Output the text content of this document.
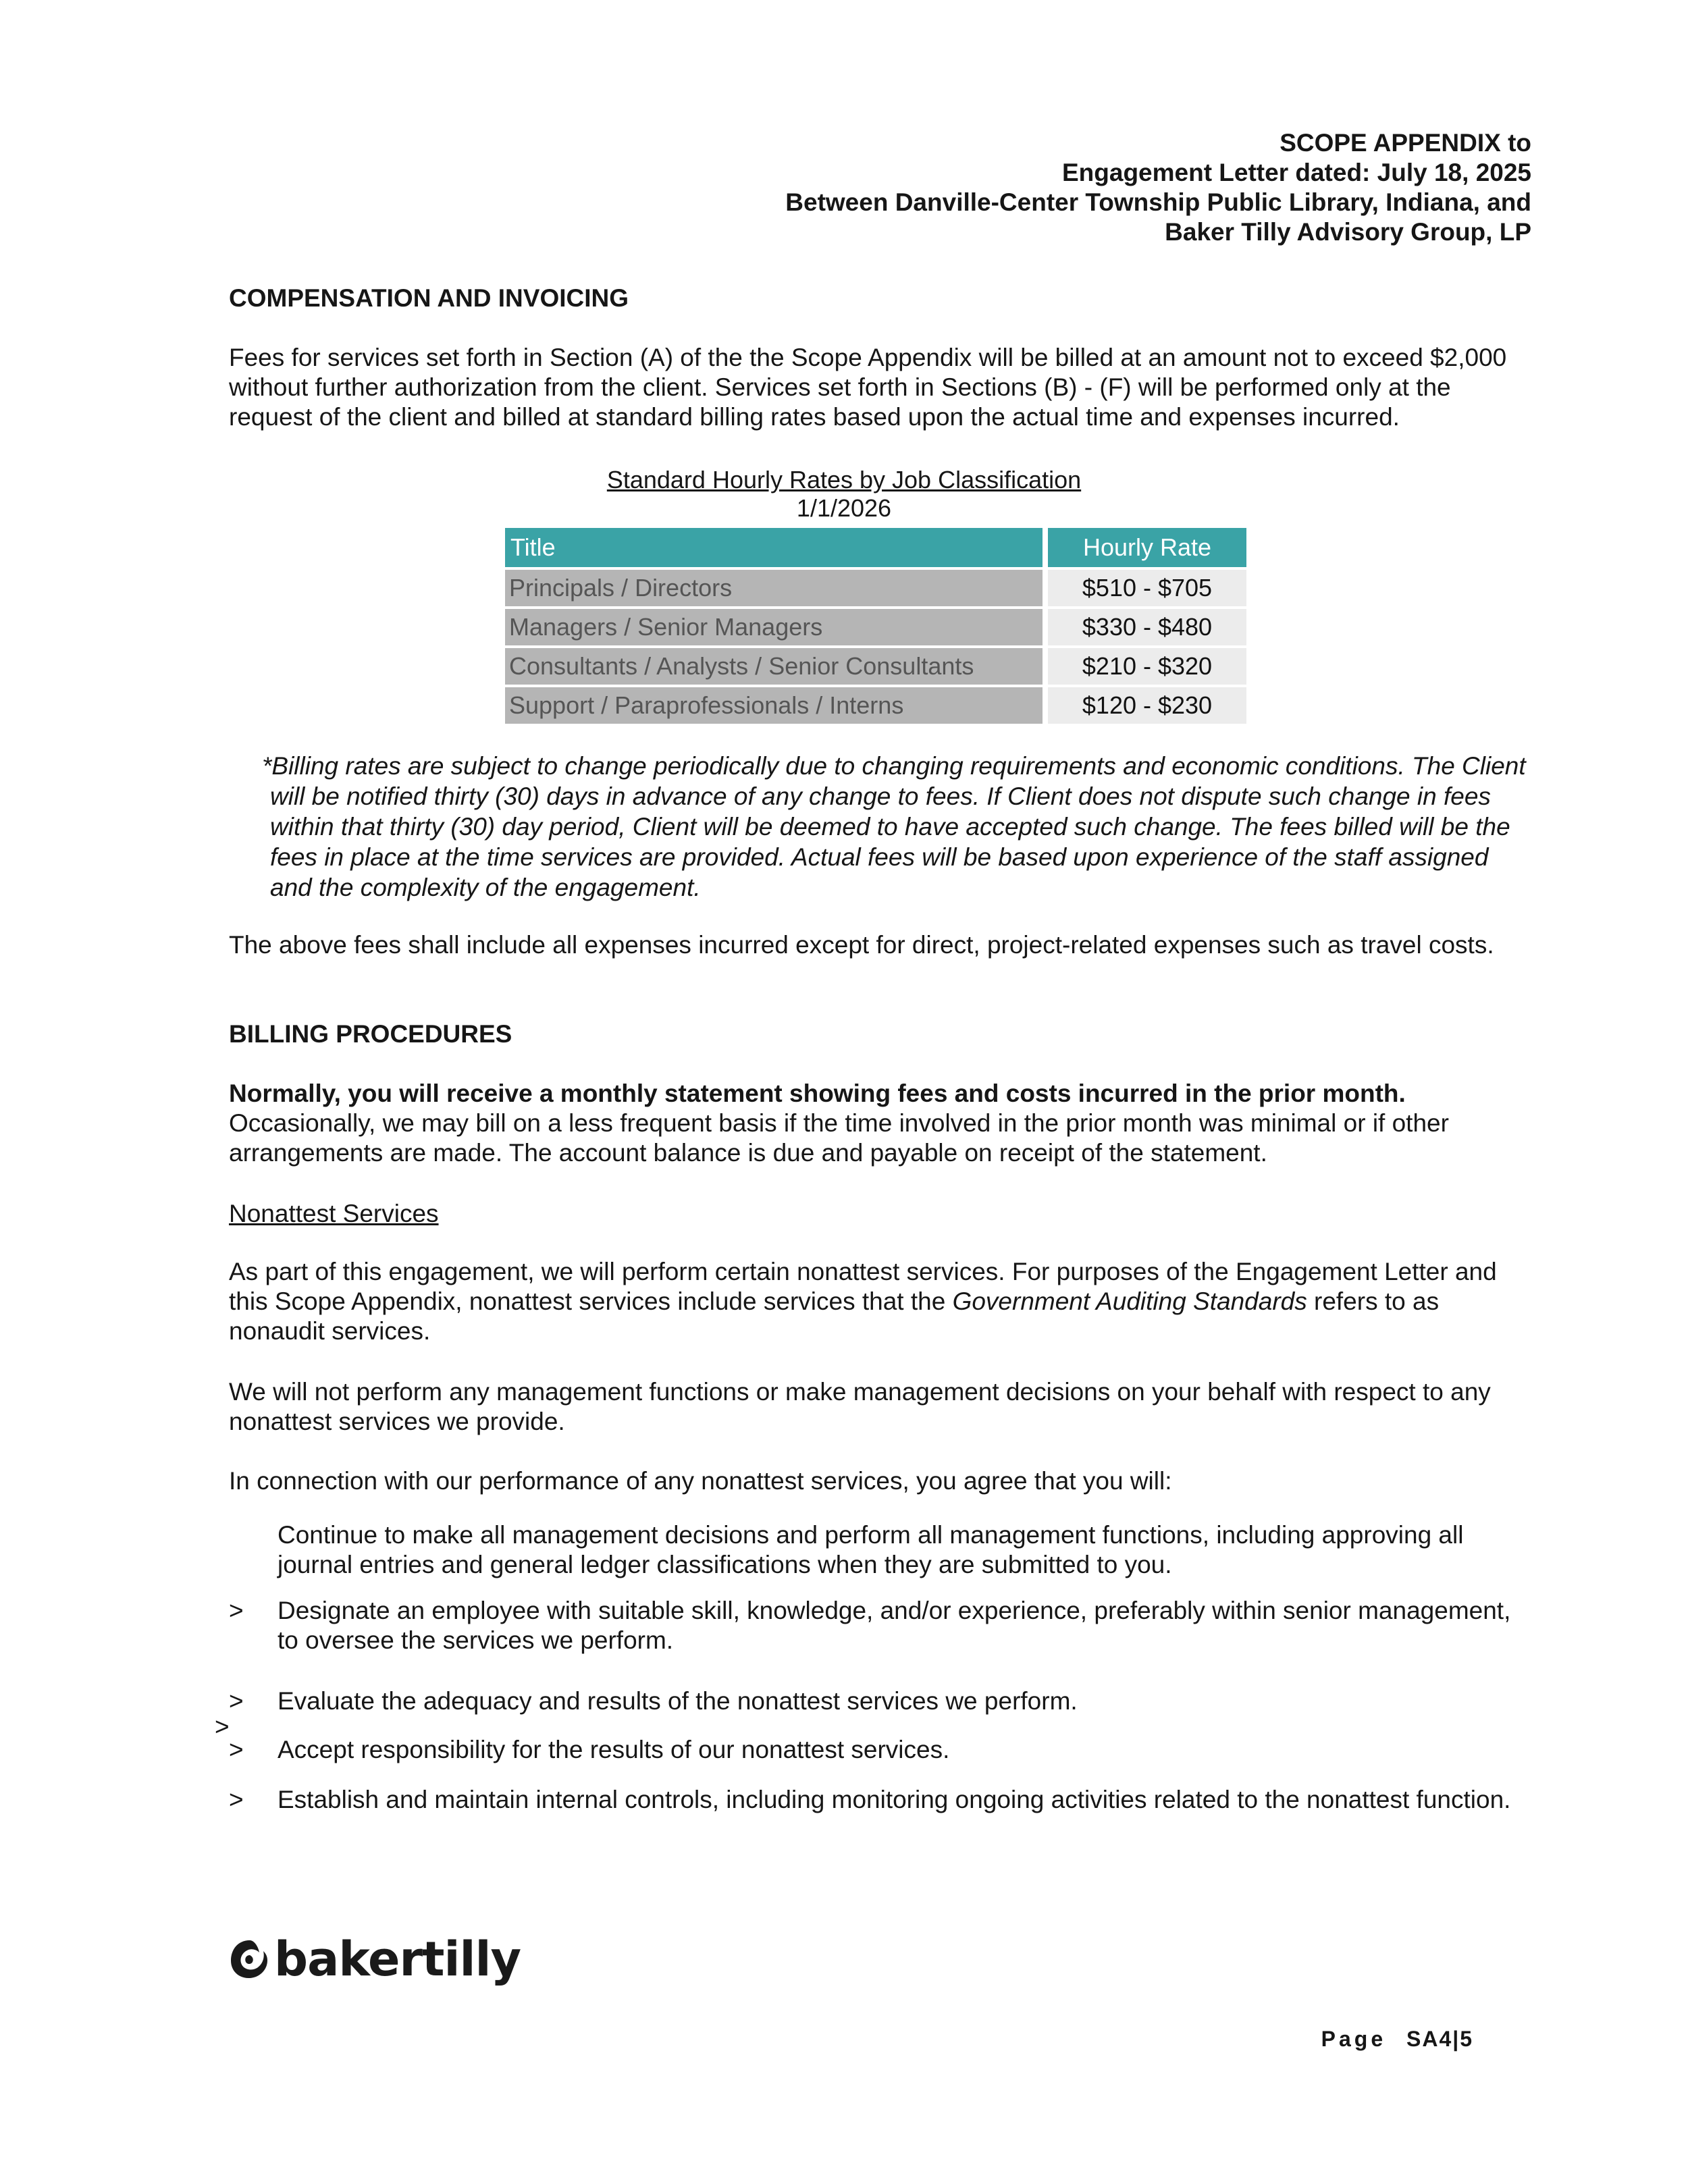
SCOPE APPENDIX to
Engagement Letter dated: July 18, 2025
Between Danville-Center Township Public Library, Indiana, and
Baker Tilly Advisory Group, LP
COMPENSATION AND INVOICING
Fees for services set forth in Section (A) of the the Scope Appendix will be billed at an amount not to exceed $2,000 without further authorization from the client. Services set forth in Sections (B) - (F) will be performed only at the request of the client and billed at standard billing rates based upon the actual time and expenses incurred.
Standard Hourly Rates by Job Classification
1/1/2026
Title	Hourly Rate
Principals / Directors	$510 - $705
Managers / Senior Managers	$330 - $480
Consultants / Analysts / Senior Consultants	$210 - $320
Support / Paraprofessionals / Interns	$120 - $230
*Billing rates are subject to change periodically due to changing requirements and economic conditions. The Client will be notified thirty (30) days in advance of any change to fees. If Client does not dispute such change in fees within that thirty (30) day period, Client will be deemed to have accepted such change. The fees billed will be the fees in place at the time services are provided. Actual fees will be based upon experience of the staff assigned and the complexity of the engagement.
The above fees shall include all expenses incurred except for direct, project-related expenses such as travel costs.
BILLING PROCEDURES
Normally, you will receive a monthly statement showing fees and costs incurred in the prior month. Occasionally, we may bill on a less frequent basis if the time involved in the prior month was minimal or if other arrangements are made. The account balance is due and payable on receipt of the statement.
Nonattest Services
As part of this engagement, we will perform certain nonattest services. For purposes of the Engagement Letter and this Scope Appendix, nonattest services include services that the Government Auditing Standards refers to as nonaudit services.
We will not perform any management functions or make management decisions on your behalf with respect to any nonattest services we provide.
In connection with our performance of any nonattest services, you agree that you will:
Continue to make all management decisions and perform all management functions, including approving all journal entries and general ledger classifications when they are submitted to you.
>	Designate an employee with suitable skill, knowledge, and/or experience, preferably within senior management, to oversee the services we perform.
>	Evaluate the adequacy and results of the nonattest services we perform.
>
>	Accept responsibility for the results of our nonattest services.
>	Establish and maintain internal controls, including monitoring ongoing activities related to the nonattest function.
bakertilly
Page SA4|5
